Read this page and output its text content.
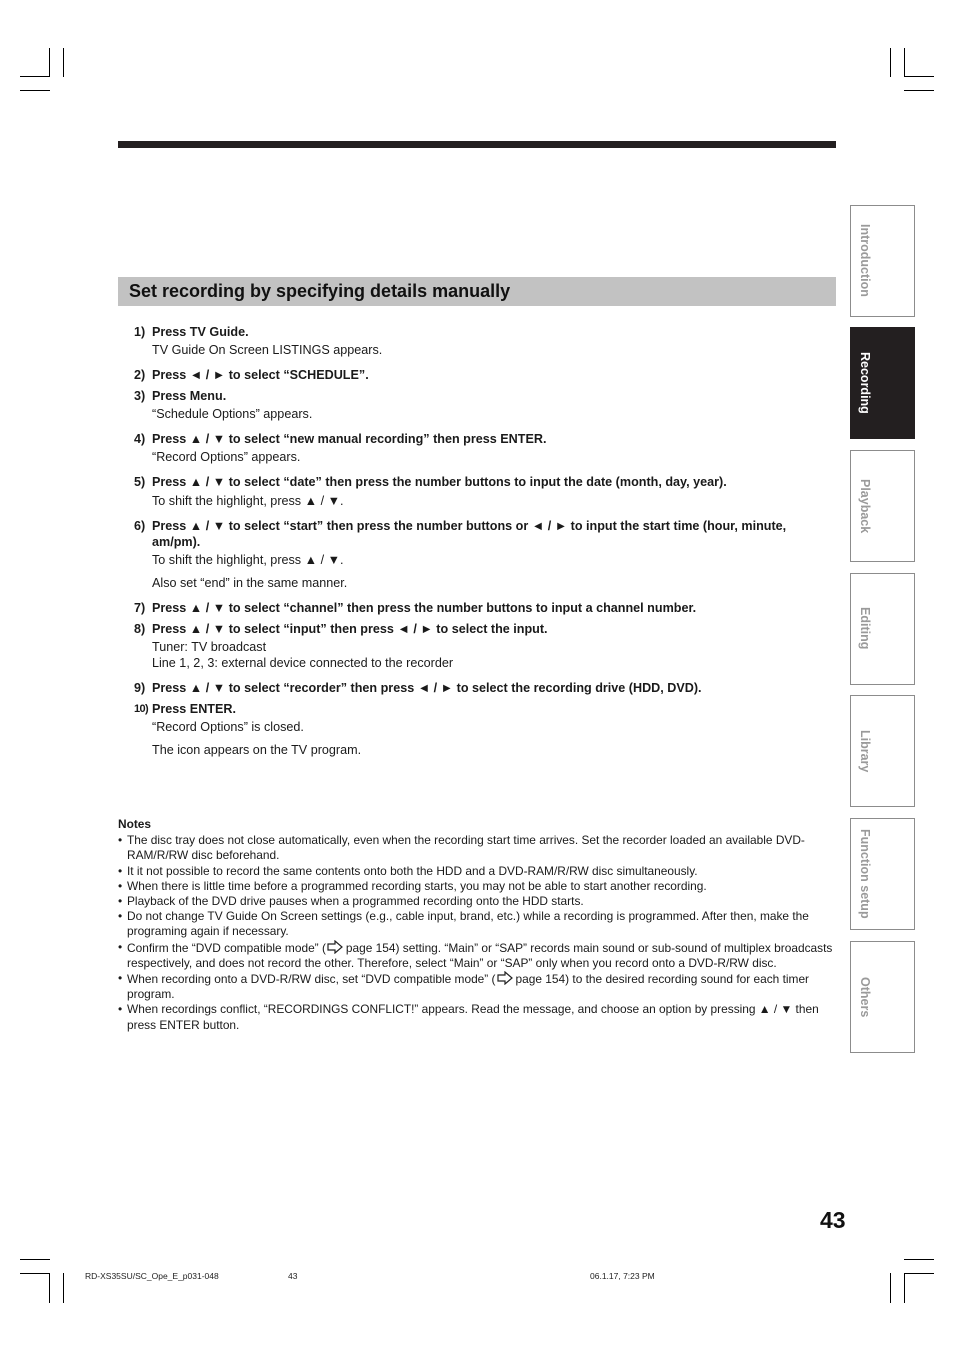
Set recording by specifying details manually
1) Press TV Guide.
TV Guide On Screen LISTINGS appears.
2) Press ◄ / ► to select “SCHEDULE”.
3) Press Menu.
“Schedule Options” appears.
4) Press ▲ / ▼ to select “new manual recording” then press ENTER.
“Record Options” appears.
5) Press ▲ / ▼ to select “date” then press the number buttons to input the date (month, day, year).
To shift the highlight, press ▲ / ▼.
6) Press ▲ / ▼ to select “start” then press the number buttons or ◄ / ► to input the start time (hour, minute, am/pm).
To shift the highlight, press ▲ / ▼.
Also set “end” in the same manner.
7) Press ▲ / ▼ to select “channel” then press the number buttons to input a channel number.
8) Press ▲ / ▼ to select “input” then press ◄ / ► to select the input.
Tuner: TV broadcast
Line 1, 2, 3: external device connected to the recorder
9) Press ▲ / ▼ to select “recorder” then press ◄ / ► to select the recording drive (HDD, DVD).
10) Press ENTER.
“Record Options” is closed.
The icon appears on the TV program.
Notes
• The disc tray does not close automatically, even when the recording start time arrives. Set the recorder loaded an available DVD-RAM/R/RW disc beforehand.
• It it not possible to record the same contents onto both the HDD and a DVD-RAM/R/RW disc simultaneously.
• When there is little time before a programmed recording starts, you may not be able to start another recording.
• Playback of the DVD drive pauses when a programmed recording onto the HDD starts.
• Do not change TV Guide On Screen settings (e.g., cable input, brand, etc.) while a recording is programmed. After then, make the programing again if necessary.
• Confirm the “DVD compatible mode” ( page 154) setting. “Main” or “SAP” records main sound or sub-sound of multiplex broadcasts respectively, and does not record the other. Therefore, select “Main” or “SAP” only when you record onto a DVD-R/RW disc.
• When recording onto a DVD-R/RW disc, set “DVD compatible mode” ( page 154) to the desired recording sound for each timer program.
• When recordings conflict, “RECORDINGS CONFLICT!” appears. Read the message, and choose an option by pressing ▲ / ▼ then press ENTER button.
Introduction
Recording
Playback
Editing
Library
Function setup
Others
43
RD-XS35SU/SC_Ope_E_p031-048	43	06.1.17, 7:23 PM
